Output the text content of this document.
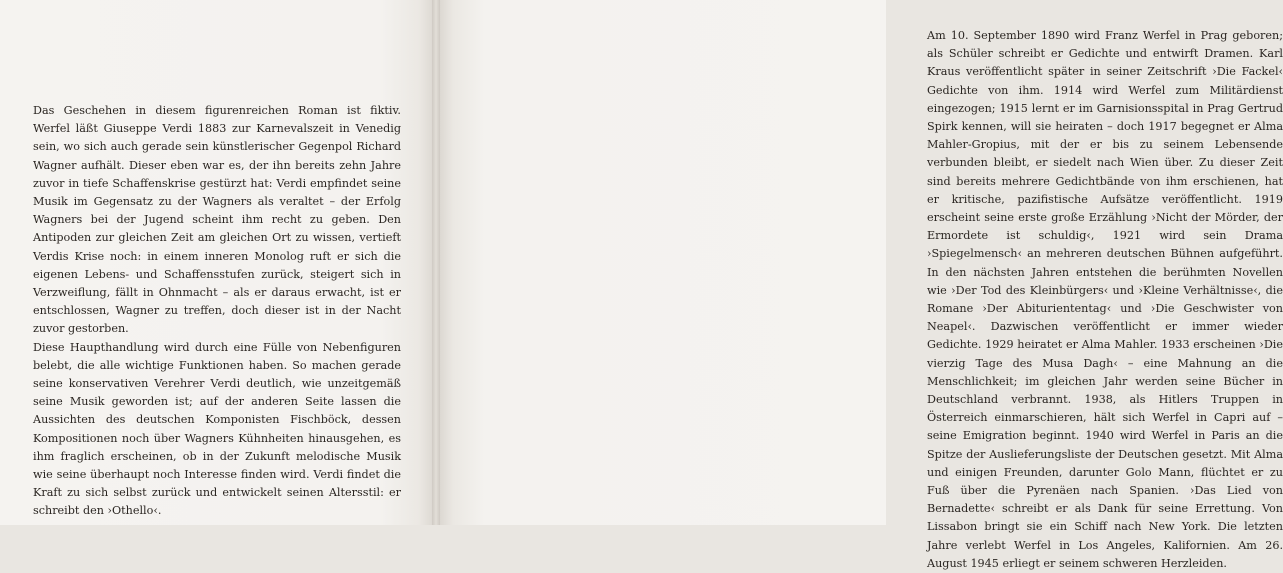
Das Geschehen in diesem figurenreichen Roman ist fiktiv. Werfel läßt Giuseppe Verdi 1883 zur Karnevalszeit in Venedig sein, wo sich auch gerade sein künstlerischer Gegenpol Richard Wagner aufhält. Dieser eben war es, der ihn bereits zehn Jahre zuvor in tiefe Schaffenskrise gestürzt hat: Verdi empfindet seine Musik im Gegensatz zu der Wagners als veraltet – der Erfolg Wagners bei der Jugend scheint ihm recht zu geben. Den Antipoden zur gleichen Zeit am gleichen Ort zu wissen, vertieft Verdis Krise noch: in einem inneren Monolog ruft er sich die eigenen Lebens- und Schaffensstufen zurück, steigert sich in Verzweiflung, fällt in Ohnmacht – als er daraus erwacht, ist er entschlossen, Wagner zu treffen, doch dieser ist in der Nacht zuvor gestorben.

Diese Haupthandlung wird durch eine Fülle von Nebenfiguren belebt, die alle wichtige Funktionen haben. So machen gerade seine konservativen Verehrer Verdi deutlich, wie unzeitgemäß seine Musik geworden ist; auf der anderen Seite lassen die Aussichten des deutschen Komponisten Fischböck, dessen Kompositionen noch über Wagners Kühnheiten hinausgehen, es ihm fraglich erscheinen, ob in der Zukunft melodische Musik wie seine überhaupt noch Interesse finden wird. Verdi findet die Kraft zu sich selbst zurück und entwickelt seinen Altersstil: er schreibt den ›Othello‹.

Am 10. September 1890 wird Franz Werfel in Prag geboren; als Schüler schreibt er Gedichte und entwirft Dramen. Karl Kraus veröffentlicht später in seiner Zeitschrift ›Die Fackel‹ Gedichte von ihm. 1914 wird Werfel zum Militärdienst eingezogen; 1915 lernt er im Garnisionsspital in Prag Gertrud Spirk kennen, will sie heiraten – doch 1917 begegnet er Alma Mahler-Gropius, mit der er bis zu seinem Lebensende verbunden bleibt, er siedelt nach Wien über. Zu dieser Zeit sind bereits mehrere Gedichtbände von ihm erschienen, hat er kritische, pazifistische Aufsätze veröffentlicht. 1919 erscheint seine erste große Erzählung ›Nicht der Mörder, der Ermordete ist schuldig‹, 1921 wird sein Drama ›Spiegelmensch‹ an mehreren deutschen Bühnen aufgeführt. In den nächsten Jahren entstehen die berühmten Novellen wie ›Der Tod des Kleinbürgers‹ und ›Kleine Verhältnisse‹, die Romane ›Der Abituriententag‹ und ›Die Geschwister von Neapel‹. Dazwischen veröffentlicht er immer wieder Gedichte. 1929 heiratet er Alma Mahler. 1933 erscheinen ›Die vierzig Tage des Musa Dagh‹ – eine Mahnung an die Menschlichkeit; im gleichen Jahr werden seine Bücher in Deutschland verbrannt. 1938, als Hitlers Truppen in Österreich einmarschieren, hält sich Werfel in Capri auf – seine Emigration beginnt. 1940 wird Werfel in Paris an die Spitze der Auslieferungsliste der Deutschen gesetzt. Mit Alma und einigen Freunden, darunter Golo Mann, flüchtet er zu Fuß über die Pyrenäen nach Spanien. ›Das Lied von Bernadette‹ schreibt er als Dank für seine Errettung. Von Lissabon bringt sie ein Schiff nach New York. Die letzten Jahre verlebt Werfel in Los Angeles, Kalifornien. Am 26. August 1945 erliegt er seinem schweren Herzleiden.
